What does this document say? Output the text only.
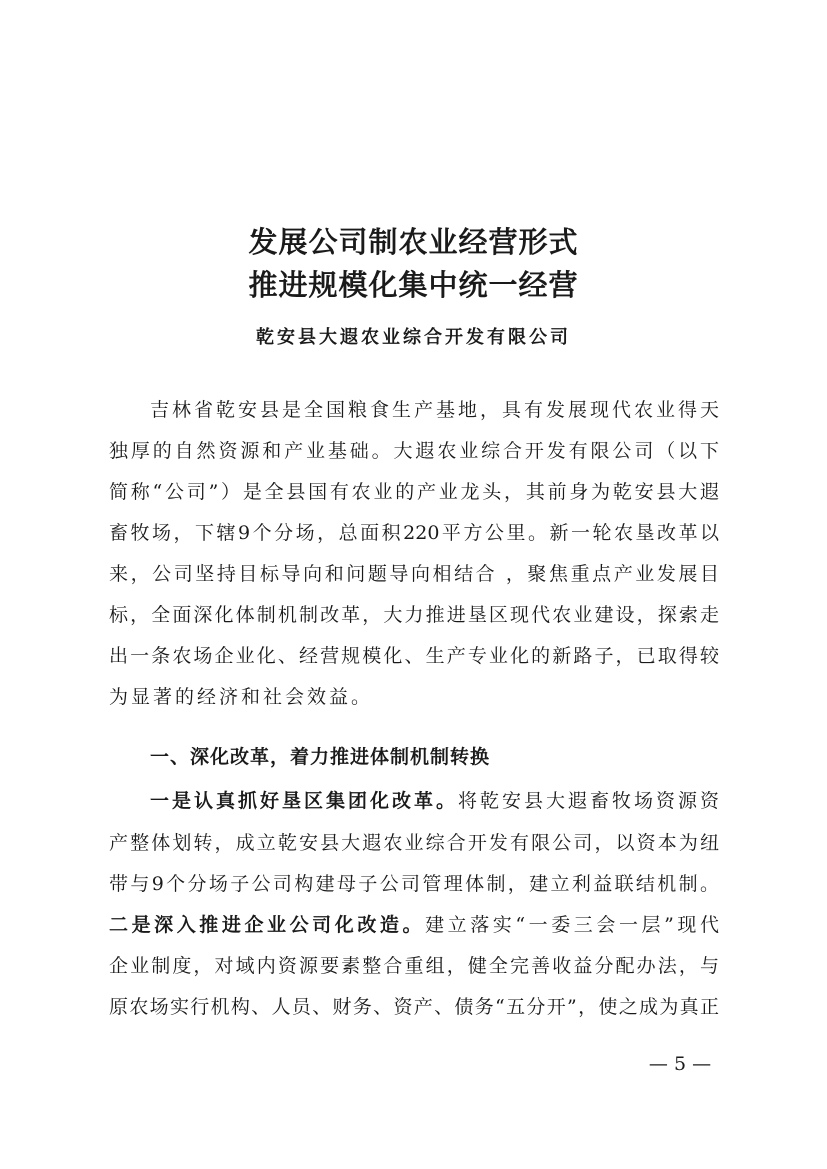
发展公司制农业经营形式
推进规模化集中统一经营

乾安县大遐农业综合开发有限公司

吉林省乾安县是全国粮食生产基地，具有发展现代农业得天

独厚的自然资源和产业基础。大遐农业综合开发有限公司（以下

简称“公司”）是全县国有农业的产业龙头，其前身为乾安县大遐

畜牧场，下辖9个分场，总面积220平方公里。新一轮农垦改革以

来，公司坚持目标导向和问题导向相结合 ，聚焦重点产业发展目

标，全面深化体制机制改革，大力推进垦区现代农业建设，探索走

出一条农场企业化、经营规模化、生产专业化的新路子，已取得较

为显著的经济和社会效益。

一、深化改革，着力推进体制机制转换

一是认真抓好垦区集团化改革。将乾安县大遐畜牧场资源资

产整体划转，成立乾安县大遐农业综合开发有限公司，以资本为纽

带与9个分场子公司构建母子公司管理体制，建立利益联结机制。

二是深入推进企业公司化改造。建立落实“一委三会一层”现代

企业制度，对域内资源要素整合重组，健全完善收益分配办法，与

原农场实行机构、人员、财务、资产、债务“五分开”，使之成为真正

— 5 —
